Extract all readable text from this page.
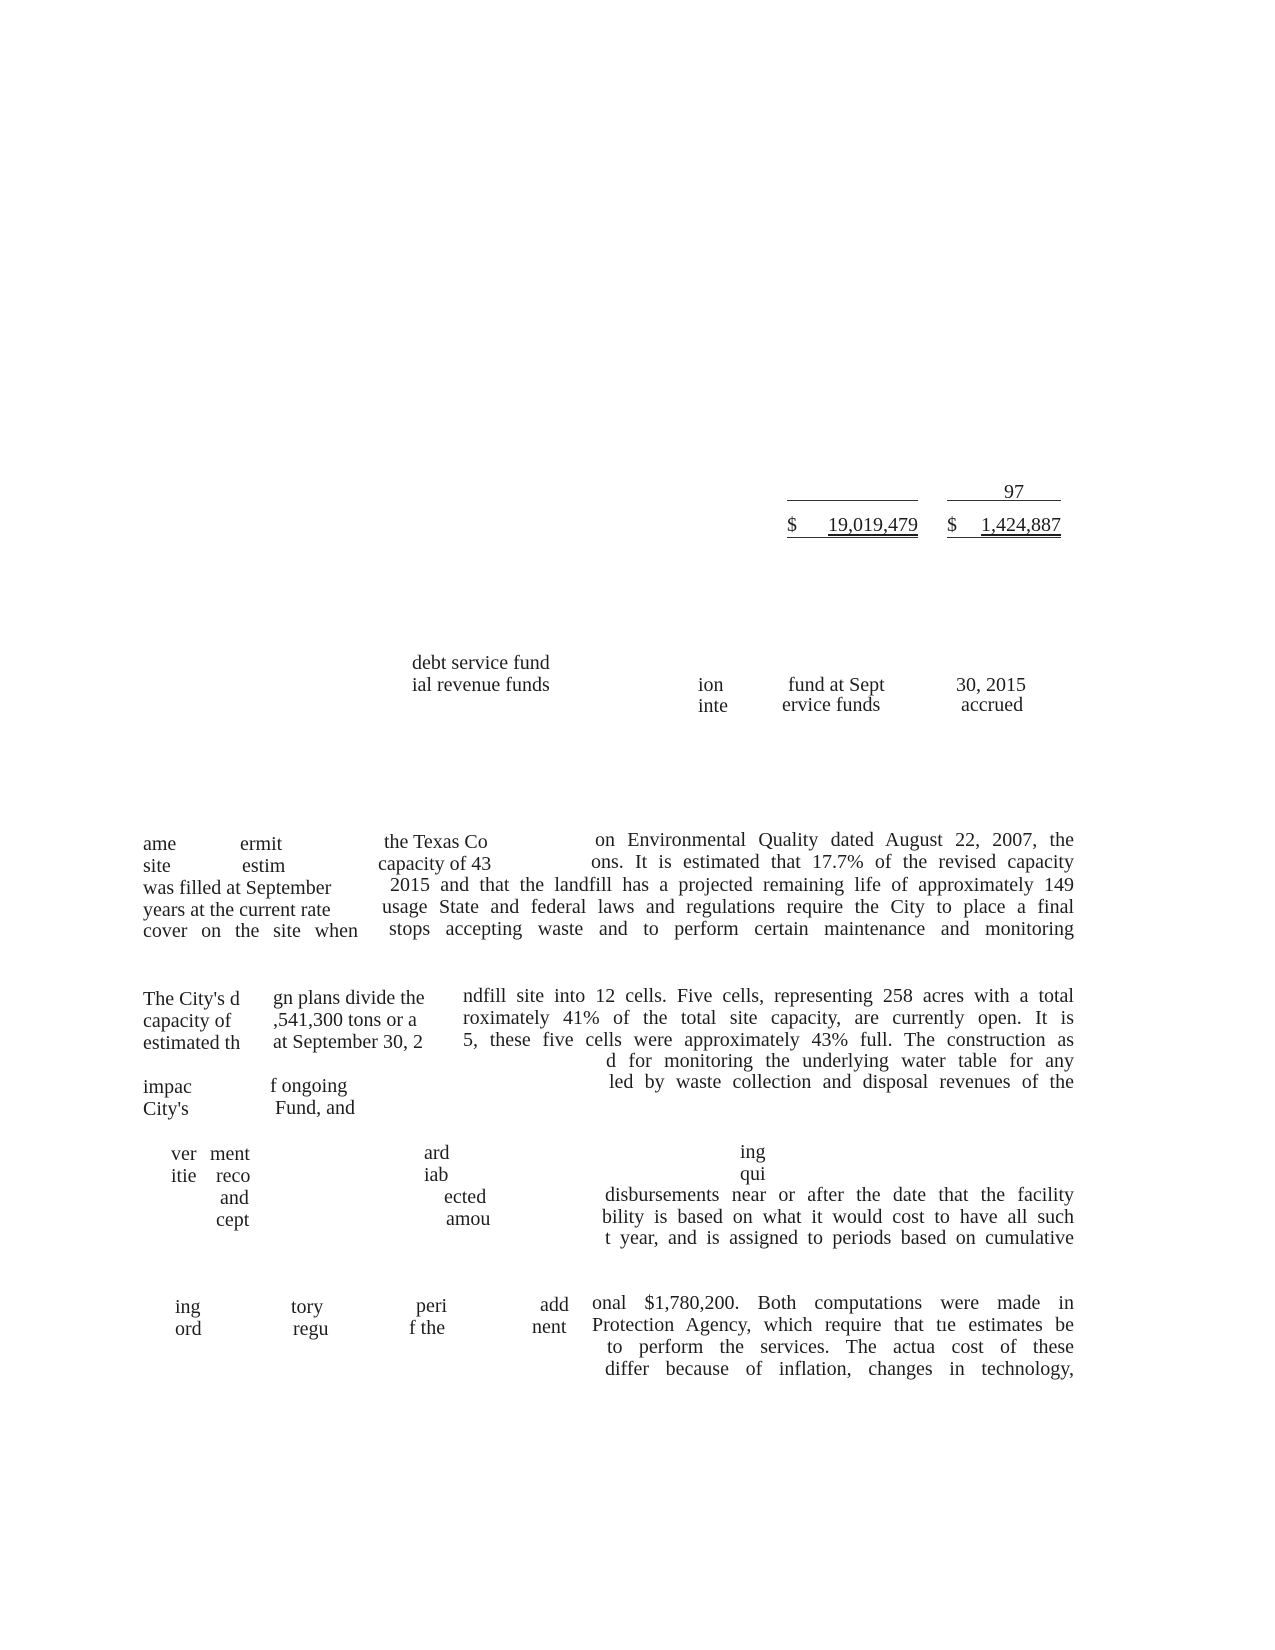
97
$	19,019,479 $	1,424,887
debt service fund
ial revenue funds	ion	fund at Sept	30, 2015
inte	ervice funds	accrued
ame	ermit	the Texas Co	on Environmental Quality dated August 22, 2007, the
site	estim	capacity of 43	ons. It is estimated that 17.7% of the revised capacity
was filled at September	2015 and that the landfill has a projected remaining life of approximately 149
years at the current rate	usage State and federal laws and regulations require the City to place a final
cover on the site when stops accepting waste and to perform certain maintenance and monitoring
The City's d gn plans divide the ndfill site into 12 cells. Five cells, representing 258 acres with a total
capacity of ,541,300 tons or a roximately 41% of the total site capacity, are currently open. It is
estimated th at September 30, 2 5, these five cells were approximately 43% full. The construction as
d for monitoring the underlying water table for any
impac	f ongoing	led by waste collection and disposal revenues of the
City's	Fund, and
ver ment	ard	ing
itie reco	iab	qui
and	ected	disbursements near or after the date that the facility
cept	amou	bility is based on what it would cost to have all such
t year, and is assigned to periods based on cumulative
ing	tory	peri	add onal $1,780,200. Both computations were made in
ord	regu	f the	nent Protection Agency, which require that tıe estimates be
to perform the services. The actua cost of these
differ because of inflation, changes in technology,
